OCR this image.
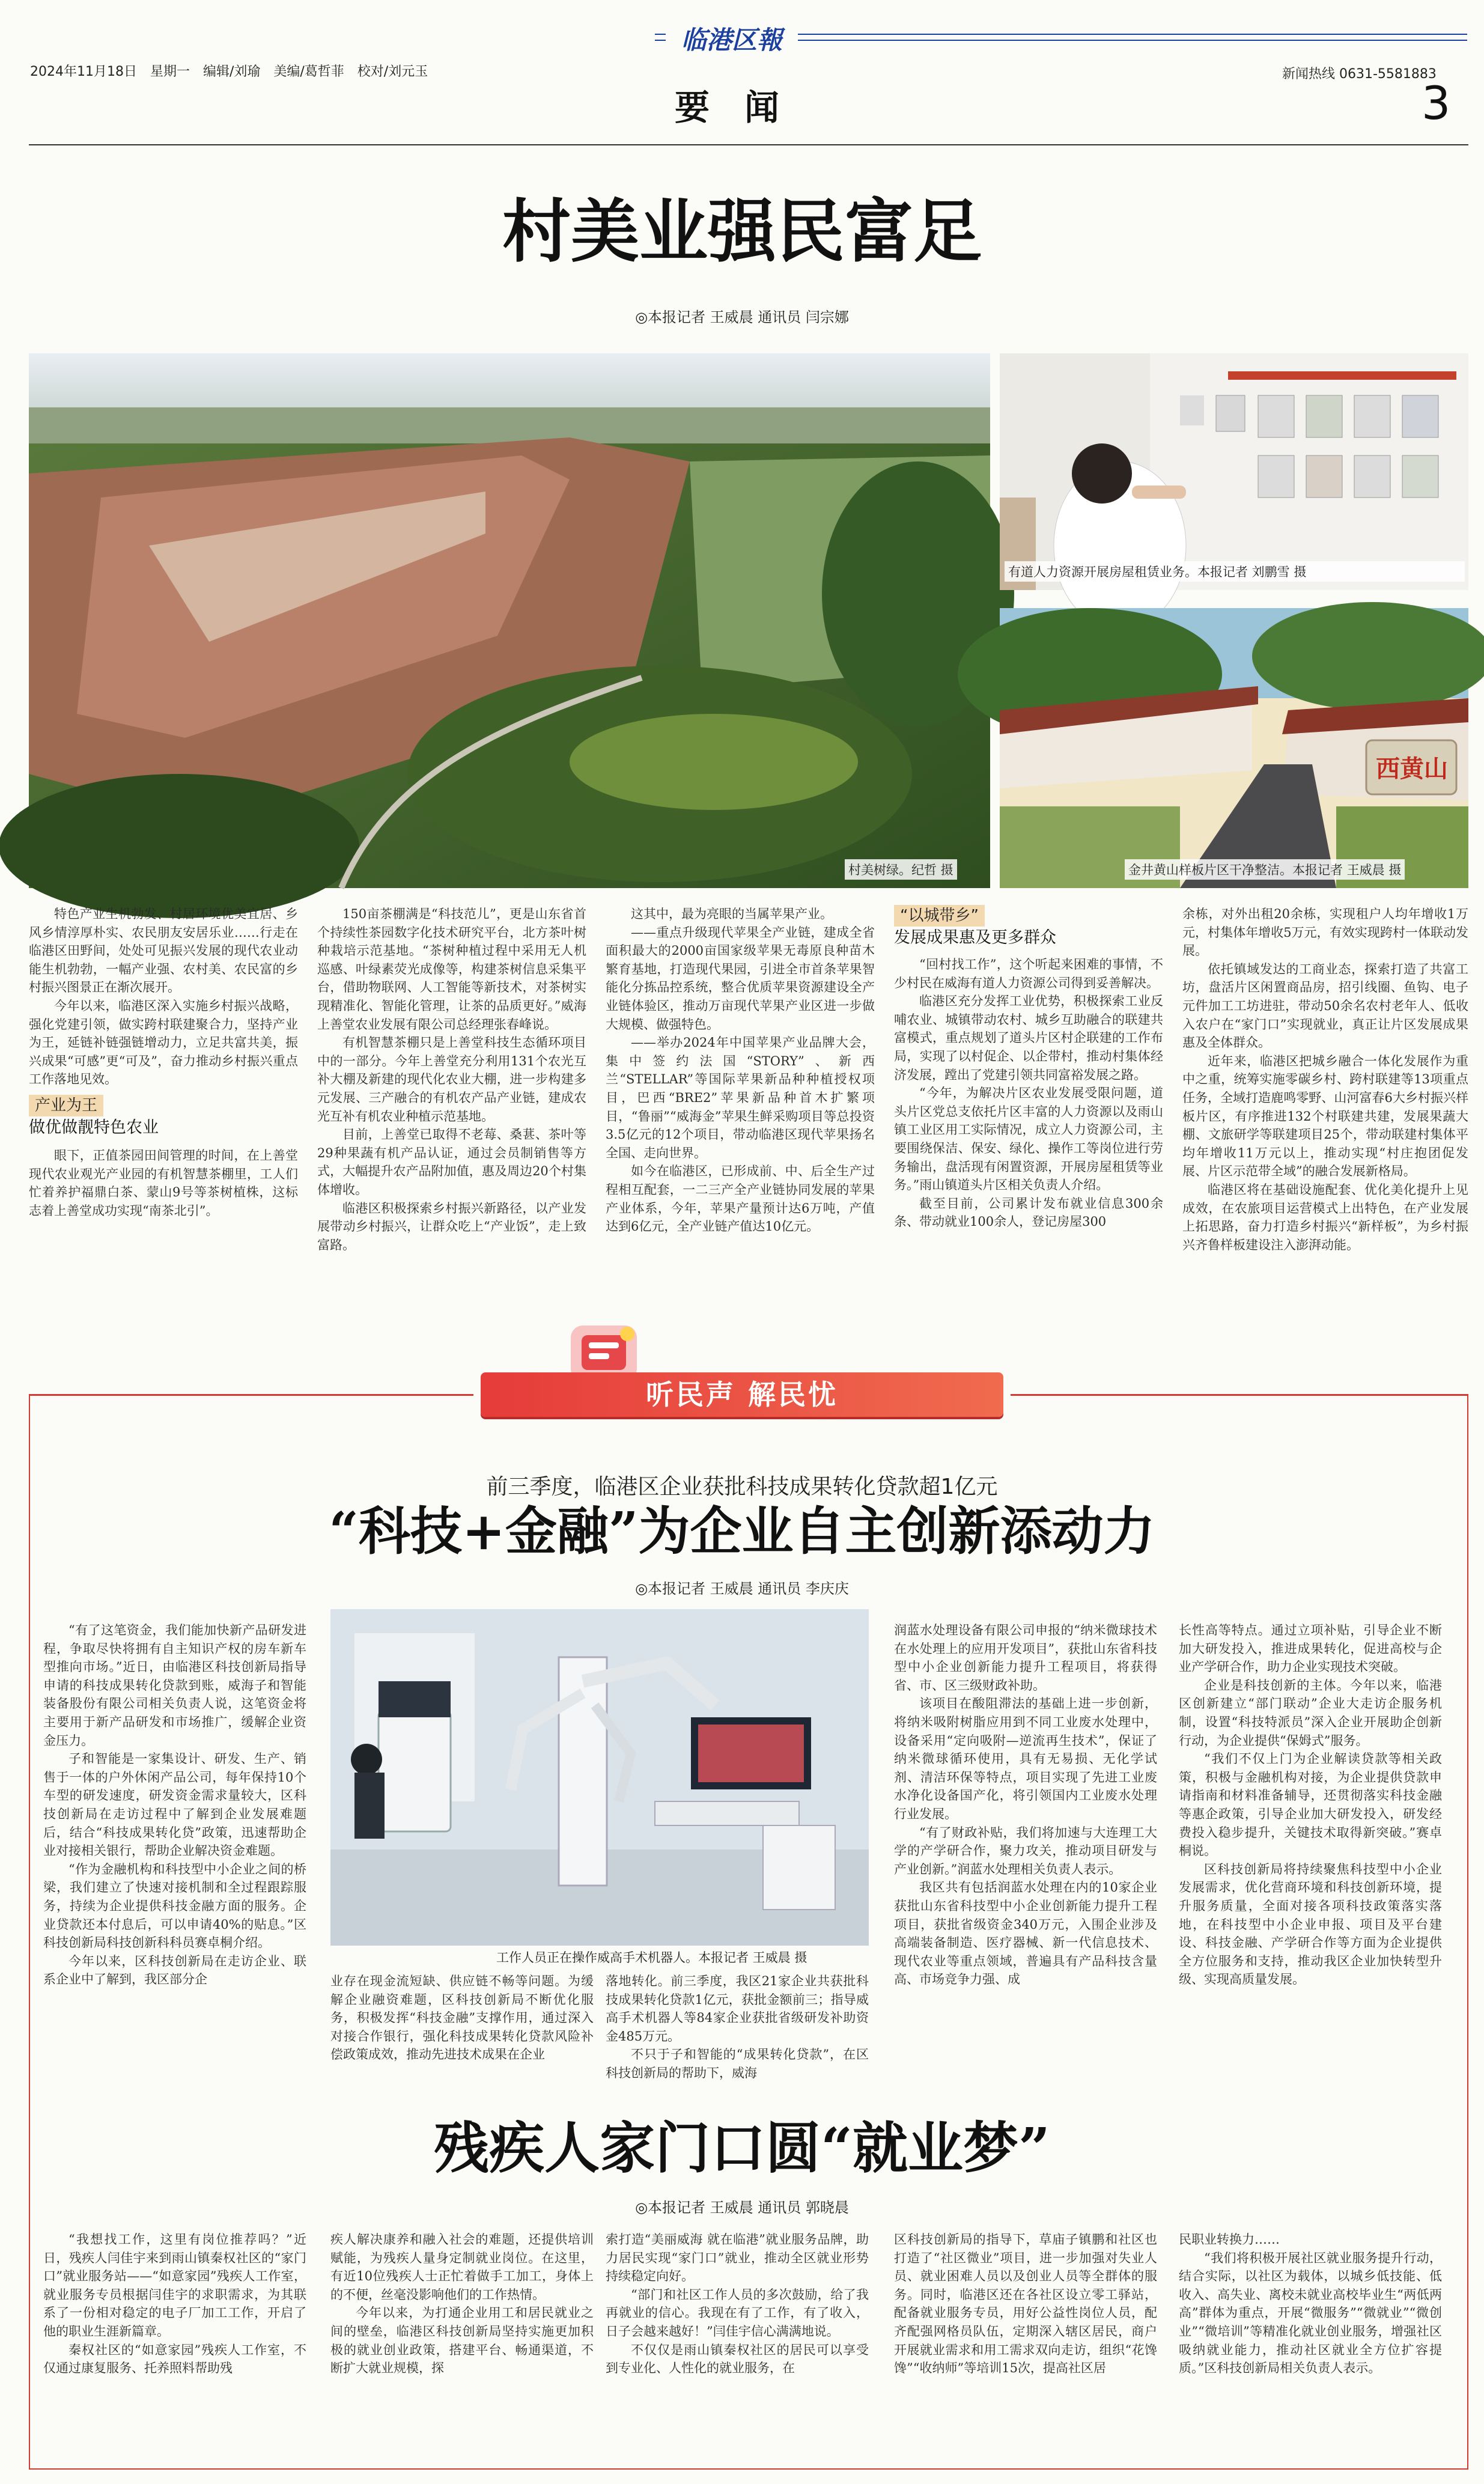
临港区報
2024年11月18日　星期一　编辑/刘瑜　美编/葛哲菲　校对/刘元玉
要　闻
新闻热线 0631-5581883
3
村美业强民富足
◎本报记者 王威晨 通讯员 闫宗娜
村美树绿。纪哲 摄
有道人力资源开展房屋租赁业务。本报记者 刘鹏雪 摄
西黄山
金井黄山样板片区干净整洁。本报记者 王威晨 摄

特色产业生机勃发、村居环境优美宜居、乡风乡情淳厚朴实、农民朋友安居乐业……行走在临港区田野间，处处可见振兴发展的现代农业动能生机勃勃，一幅产业强、农村美、农民富的乡村振兴图景正在渐次展开。

今年以来，临港区深入实施乡村振兴战略，强化党建引领，做实跨村联建聚合力，坚持产业为王，延链补链强链增动力，立足共富共美，振兴成果“可感”更“可及”，奋力推动乡村振兴重点工作落地见效。

产业为王
做优做靓特色农业

眼下，正值茶园田间管理的时间，在上善堂现代农业观光产业园的有机智慧茶棚里，工人们忙着养护福鼎白茶、蒙山9号等茶树植株，这标志着上善堂成功实现“南茶北引”。

150亩茶棚满是“科技范儿”，更是山东省首个持续性茶园数字化技术研究平台，北方茶叶树种栽培示范基地。“茶树种植过程中采用无人机巡感、叶绿素荧光成像等，构建茶树信息采集平台，借助物联网、人工智能等新技术，对茶树实现精准化、智能化管理，让茶的品质更好。”威海上善堂农业发展有限公司总经理张春峰说。

有机智慧茶棚只是上善堂科技生态循环项目中的一部分。今年上善堂充分利用131个农光互补大棚及新建的现代化农业大棚，进一步构建多元发展、三产融合的有机农产品产业链，建成农光互补有机农业种植示范基地。

目前，上善堂已取得不老莓、桑葚、茶叶等29种果蔬有机产品认证，通过会员制销售等方式，大幅提升农产品附加值，惠及周边20个村集体增收。

临港区积极探索乡村振兴新路径，以产业发展带动乡村振兴，让群众吃上“产业饭”，走上致富路。

这其中，最为亮眼的当属苹果产业。

——重点升级现代苹果全产业链，建成全省面积最大的2000亩国家级苹果无毒原良种苗木繁育基地，打造现代果园，引进全市首条苹果智能化分拣品控系统，整合优质苹果资源建设全产业链体验区，推动万亩现代苹果产业区进一步做大规模、做强特色。

——举办2024年中国苹果产业品牌大会，集中签约法国“STORY”、新西兰“STELLAR”等国际苹果新品种种植授权项目，巴西“BRE2”苹果新品种首木扩繁项目，“鲁丽”“威海金”苹果生鲜采购项目等总投资3.5亿元的12个项目，带动临港区现代苹果扬名全国、走向世界。

如今在临港区，已形成前、中、后全生产过程相互配套，一二三产全产业链协同发展的苹果产业体系，今年，苹果产量预计达6万吨，产值达到6亿元，全产业链产值达10亿元。

“以城带乡”
发展成果惠及更多群众

“回村找工作”，这个听起来困难的事情，不少村民在威海有道人力资源公司得到妥善解决。

临港区充分发挥工业优势，积极探索工业反哺农业、城镇带动农村、城乡互助融合的联建共富模式，重点规划了道头片区村企联建的工作布局，实现了以村促企、以企带村，推动村集体经济发展，蹚出了党建引领共同富裕发展之路。

“今年，为解决片区农业发展受限问题，道头片区党总支依托片区丰富的人力资源以及雨山镇工业区用工实际情况，成立人力资源公司，主要围绕保洁、保安、绿化、操作工等岗位进行劳务输出，盘活现有闲置资源，开展房屋租赁等业务。”雨山镇道头片区相关负责人介绍。

截至目前，公司累计发布就业信息300余条、带动就业100余人，登记房屋300

余栋，对外出租20余栋，实现租户人均年增收1万元，村集体年增收5万元，有效实现跨村一体联动发展。

依托镇域发达的工商业态，探索打造了共富工坊，盘活片区闲置商品房，招引线圈、鱼钩、电子元件加工工坊进驻，带动50余名农村老年人、低收入农户在“家门口”实现就业，真正让片区发展成果惠及全体群众。

近年来，临港区把城乡融合一体化发展作为重中之重，统筹实施零碳乡村、跨村联建等13项重点任务，全域打造鹿鸣零野、山河富春6大乡村振兴样板片区，有序推进132个村联建共建，发展果蔬大棚、文旅研学等联建项目25个，带动联建村集体平均年增收11万元以上，推动实现“村庄抱团促发展、片区示范带全域”的融合发展新格局。

临港区将在基础设施配套、优化美化提升上见成效，在农旅项目运营模式上出特色，在产业发展上拓思路，奋力打造乡村振兴“新样板”，为乡村振兴齐鲁样板建设注入澎湃动能。

听民声 解民忧
前三季度，临港区企业获批科技成果转化贷款超1亿元
“科技+金融”为企业自主创新添动力
◎本报记者 王威晨 通讯员 李庆庆
工作人员正在操作威高手术机器人。本报记者 王威晨 摄

“有了这笔资金，我们能加快新产品研发进程，争取尽快将拥有自主知识产权的房车新车型推向市场。”近日，由临港区科技创新局指导申请的科技成果转化贷款到账，威海子和智能装备股份有限公司相关负责人说，这笔资金将主要用于新产品研发和市场推广，缓解企业资金压力。

子和智能是一家集设计、研发、生产、销售于一体的户外休闲产品公司，每年保持10个车型的研发速度，研发资金需求量较大，区科技创新局在走访过程中了解到企业发展难题后，结合“科技成果转化贷”政策，迅速帮助企业对接相关银行，帮助企业解决资金难题。

“作为金融机构和科技型中小企业之间的桥梁，我们建立了快速对接机制和全过程跟踪服务，持续为企业提供科技金融方面的服务。企业贷款还本付息后，可以申请40%的贴息。”区科技创新局科技创新科科员赛卓桐介绍。

今年以来，区科技创新局在走访企业、联系企业中了解到，我区部分企	业存在现金流短缺、供应链不畅等问题。为缓解企业融资难题，区科技创新局不断优化服务，积极发挥“科技金融”支撑作用，通过深入对接合作银行，强化科技成果转化贷款风险补偿政策成效，推动先进技术成果在企业

落地转化。前三季度，我区21家企业共获批科技成果转化贷款1亿元，获批金额前三；指导威高手术机器人等84家企业获批省级研发补助资金485万元。

不只于子和智能的“成果转化贷款”，在区科技创新局的帮助下，威海

润蓝水处理设备有限公司申报的“纳米微球技术在水处理上的应用开发项目”，获批山东省科技型中小企业创新能力提升工程项目，将获得省、市、区三级财政补助。

该项目在酸阻滞法的基础上进一步创新，将纳米吸附树脂应用到不同工业废水处理中，设备采用“定向吸附—逆流再生技术”，保证了纳米微球循环使用，具有无易损、无化学试剂、清洁环保等特点，项目实现了先进工业废水净化设备国产化，将引领国内工业废水处理行业发展。

“有了财政补贴，我们将加速与大连理工大学的产学研合作，聚力攻关，推动项目研发与产业创新。”润蓝水处理相关负责人表示。

我区共有包括润蓝水处理在内的10家企业获批山东省科技型中小企业创新能力提升工程项目，获批省级资金340万元，入围企业涉及高端装备制造、医疗器械、新一代信息技术、现代农业等重点领域，普遍具有产品科技含量高、市场竞争力强、成

长性高等特点。通过立项补贴，引导企业不断加大研发投入，推进成果转化，促进高校与企业产学研合作，助力企业实现技术突破。

企业是科技创新的主体。今年以来，临港区创新建立“部门联动”企业大走访企服务机制，设置“科技特派员”深入企业开展助企创新行动，为企业提供“保姆式”服务。

“我们不仅上门为企业解读贷款等相关政策，积极与金融机构对接，为企业提供贷款申请指南和材料准备辅导，还贯彻落实科技金融等惠企政策，引导企业加大研发投入，研发经费投入稳步提升，关键技术取得新突破。”赛卓桐说。

区科技创新局将持续聚焦科技型中小企业发展需求，优化营商环境和科技创新环境，提升服务质量，全面对接各项科技政策落实落地，在科技型中小企业申报、项目及平台建设、科技金融、产学研合作等方面为企业提供全方位服务和支持，推动我区企业加快转型升级、实现高质量发展。

残疾人家门口圆“就业梦”
◎本报记者 王威晨 通讯员 郭晓晨

“我想找工作，这里有岗位推荐吗？”近日，残疾人闫佳宇来到雨山镇秦权社区的“家门口”就业服务站——“如意家园”残疾人工作室，就业服务专员根据闫佳宇的求职需求，为其联系了一份相对稳定的电子厂加工工作，开启了他的职业生涯新篇章。

秦权社区的“如意家园”残疾人工作室，不仅通过康复服务、托养照料帮助残

疾人解决康养和融入社会的难题，还提供培训赋能，为残疾人量身定制就业岗位。在这里，有近10位残疾人士正忙着做手工加工，身体上的不便，丝毫没影响他们的工作热情。

今年以来，为打通企业用工和居民就业之间的壁垒，临港区科技创新局坚持实施更加积极的就业创业政策，搭建平台、畅通渠道，不断扩大就业规模，探

索打造“美丽威海 就在临港”就业服务品牌，助力居民实现“家门口”就业，推动全区就业形势持续稳定向好。

“部门和社区工作人员的多次鼓励，给了我再就业的信心。我现在有了工作，有了收入，日子会越来越好！”闫佳宇信心满满地说。

不仅仅是雨山镇秦权社区的居民可以享受到专业化、人性化的就业服务，在

区科技创新局的指导下，草庙子镇鹏和社区也打造了“社区微业”项目，进一步加强对失业人员、就业困难人员以及创业人员等全群体的服务。同时，临港区还在各社区设立零工驿站，配备就业服务专员，用好公益性岗位人员，配齐配强网格员队伍，定期深入辖区居民，商户开展就业需求和用工需求双向走访，组织“花馋馋”“收纳师”等培训15次，提高社区居

民职业转换力……

“我们将积极开展社区就业服务提升行动，结合实际，以社区为载体，以城乡低技能、低收入、高失业、离校未就业高校毕业生“两低两高”群体为重点，开展“微服务”“微就业”“微创业”“微培训”等精准化就业创业服务，增强社区吸纳就业能力，推动社区就业全方位扩容提质。”区科技创新局相关负责人表示。
